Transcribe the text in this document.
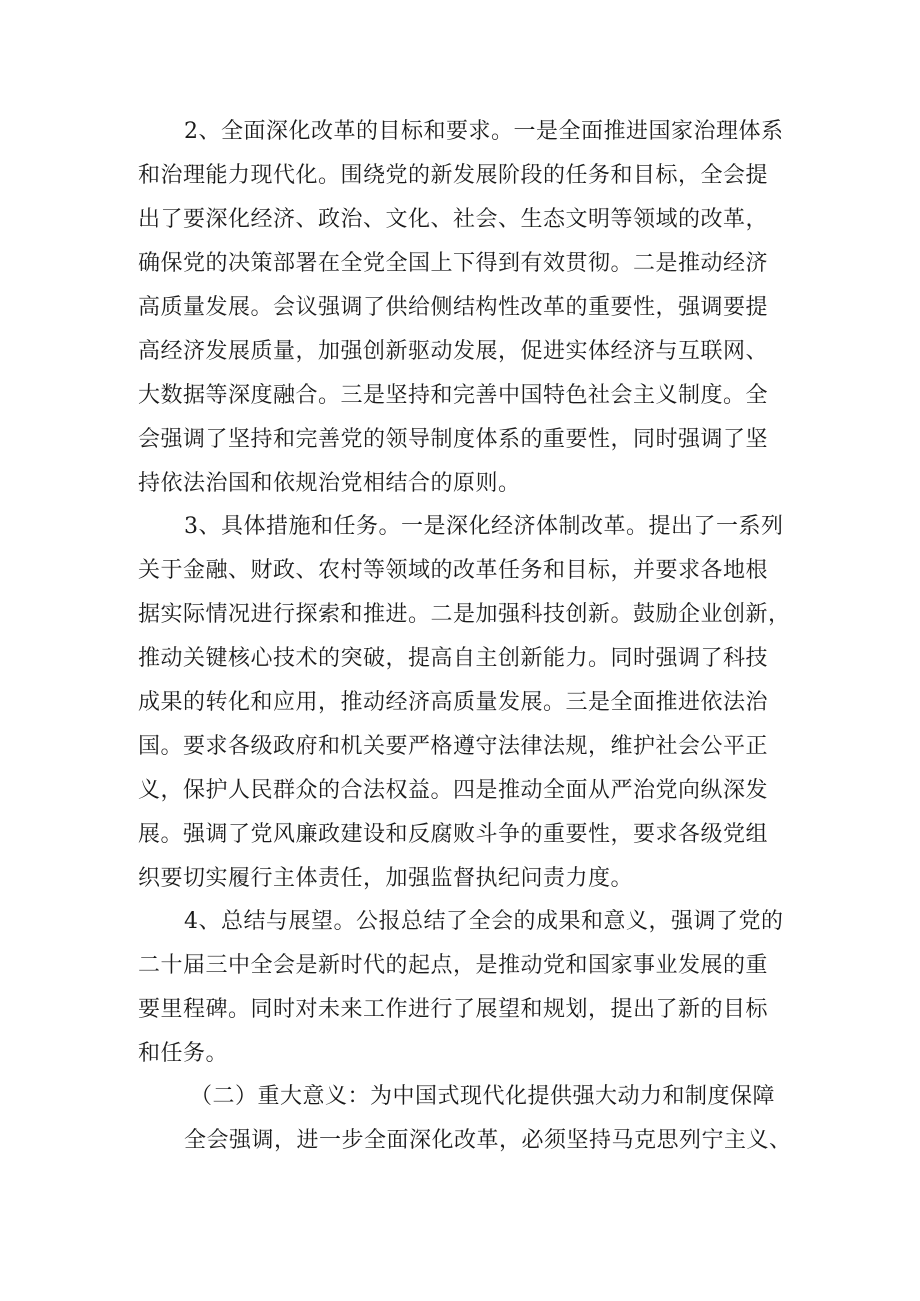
2、全面深化改革的目标和要求。一是全面推进国家治理体系

和治理能力现代化。围绕党的新发展阶段的任务和目标，全会提

出了要深化经济、政治、文化、社会、生态文明等领域的改革，

确保党的决策部署在全党全国上下得到有效贯彻。二是推动经济

高质量发展。会议强调了供给侧结构性改革的重要性，强调要提

高经济发展质量，加强创新驱动发展，促进实体经济与互联网、

大数据等深度融合。三是坚持和完善中国特色社会主义制度。全

会强调了坚持和完善党的领导制度体系的重要性，同时强调了坚

持依法治国和依规治党相结合的原则。

3、具体措施和任务。一是深化经济体制改革。提出了一系列

关于金融、财政、农村等领域的改革任务和目标，并要求各地根

据实际情况进行探索和推进。二是加强科技创新。鼓励企业创新，

推动关键核心技术的突破，提高自主创新能力。同时强调了科技

成果的转化和应用，推动经济高质量发展。三是全面推进依法治

国。要求各级政府和机关要严格遵守法律法规，维护社会公平正

义，保护人民群众的合法权益。四是推动全面从严治党向纵深发

展。强调了党风廉政建设和反腐败斗争的重要性，要求各级党组

织要切实履行主体责任，加强监督执纪问责力度。

4、总结与展望。公报总结了全会的成果和意义，强调了党的

二十届三中全会是新时代的起点，是推动党和国家事业发展的重

要里程碑。同时对未来工作进行了展望和规划，提出了新的目标

和任务。

（二）重大意义：为中国式现代化提供强大动力和制度保障

全会强调，进一步全面深化改革，必须坚持马克思列宁主义、
